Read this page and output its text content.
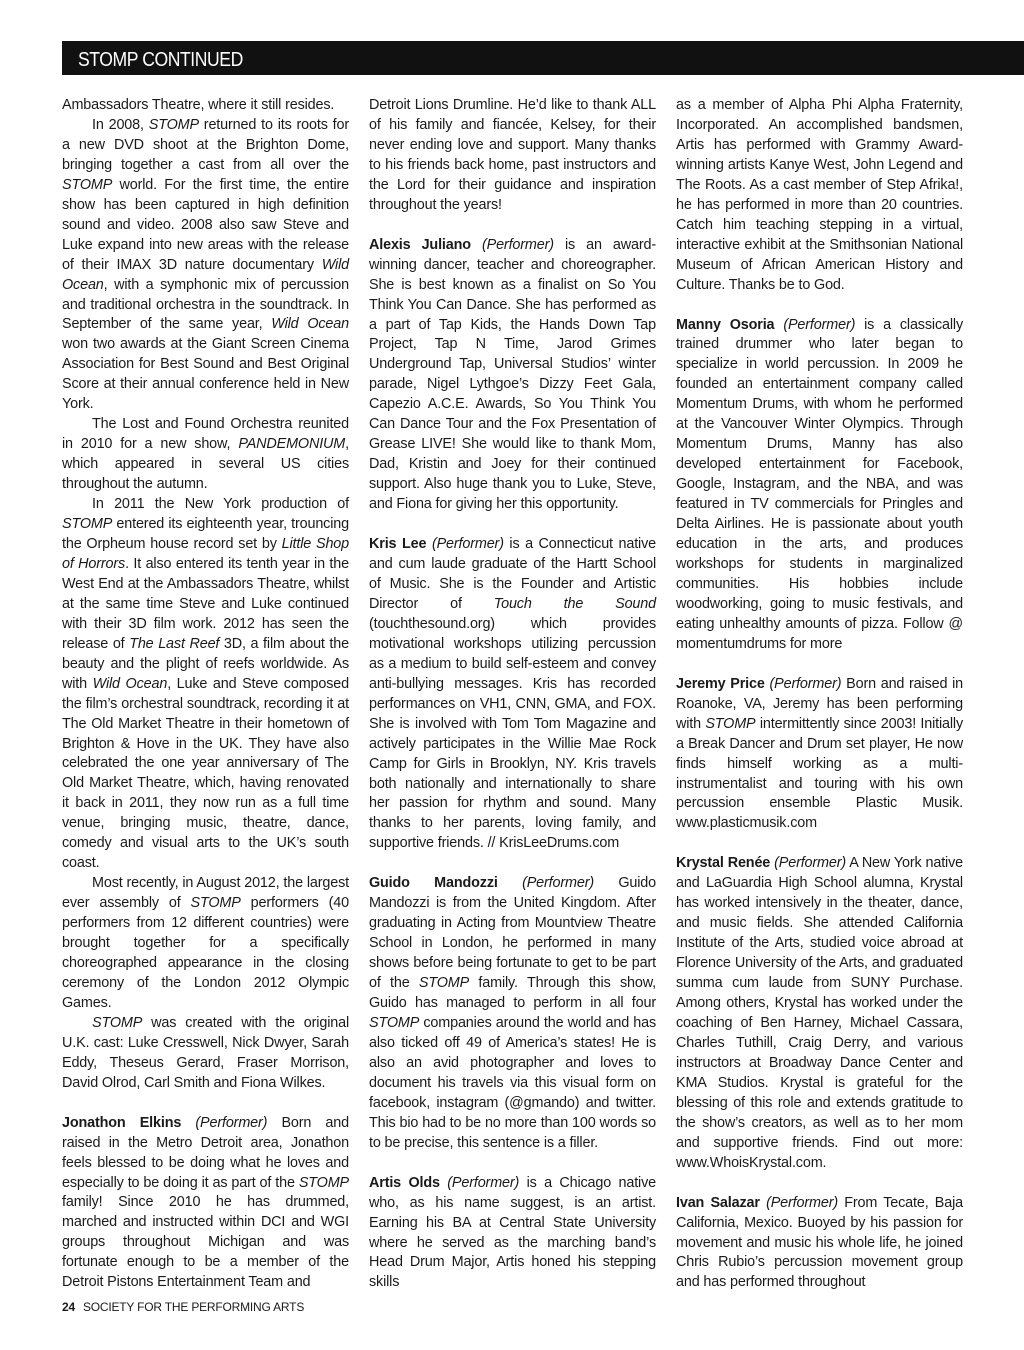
STOMP CONTINUED

Ambassadors Theatre, where it still resides.

In 2008, STOMP returned to its roots for a new DVD shoot at the Brighton Dome, bringing together a cast from all over the STOMP world. For the first time, the entire show has been captured in high definition sound and video. 2008 also saw Steve and Luke expand into new areas with the release of their IMAX 3D nature documentary Wild Ocean, with a symphonic mix of percussion and traditional orchestra in the soundtrack. In September of the same year, Wild Ocean won two awards at the Giant Screen Cinema Association for Best Sound and Best Original Score at their annual conference held in New York.

The Lost and Found Orchestra reunited in 2010 for a new show, PANDEMONIUM, which appeared in several US cities throughout the autumn.

In 2011 the New York production of STOMP entered its eighteenth year, trouncing the Orpheum house record set by Little Shop of Horrors. It also entered its tenth year in the West End at the Ambassadors Theatre, whilst at the same time Steve and Luke continued with their 3D film work. 2012 has seen the release of The Last Reef 3D, a film about the beauty and the plight of reefs worldwide. As with Wild Ocean, Luke and Steve composed the film’s orchestral soundtrack, recording it at The Old Market Theatre in their hometown of Brighton & Hove in the UK. They have also celebrated the one year anniversary of The Old Market Theatre, which, having renovated it back in 2011, they now run as a full time venue, bringing music, theatre, dance, comedy and visual arts to the UK’s south coast.

Most recently, in August 2012, the largest ever assembly of STOMP performers (40 performers from 12 different countries) were brought together for a specifically choreographed appearance in the closing ceremony of the London 2012 Olympic Games.

STOMP was created with the original U.K. cast: Luke Cresswell, Nick Dwyer, Sarah Eddy, Theseus Gerard, Fraser Morrison, David Olrod, Carl Smith and Fiona Wilkes.

Jonathon Elkins (Performer) Born and raised in the Metro Detroit area, Jonathon feels blessed to be doing what he loves and especially to be doing it as part of the STOMP family! Since 2010 he has drummed, marched and instructed within DCI and WGI groups throughout Michigan and was fortunate enough to be a member of the Detroit Pistons Entertainment Team and

Detroit Lions Drumline. He’d like to thank ALL of his family and fiancée, Kelsey, for their never ending love and support. Many thanks to his friends back home, past instructors and the Lord for their guidance and inspiration throughout the years!

Alexis Juliano (Performer) is an award-winning dancer, teacher and choreographer. She is best known as a finalist on So You Think You Can Dance. She has performed as a part of Tap Kids, the Hands Down Tap Project, Tap N Time, Jarod Grimes Underground Tap, Universal Studios’ winter parade, Nigel Lythgoe’s Dizzy Feet Gala, Capezio A.C.E. Awards, So You Think You Can Dance Tour and the Fox Presentation of Grease LIVE! She would like to thank Mom, Dad, Kristin and Joey for their continued support. Also huge thank you to Luke, Steve, and Fiona for giving her this opportunity.

Kris Lee (Performer) is a Connecticut native and cum laude graduate of the Hartt School of Music. She is the Founder and Artistic Director of Touch the Sound (touchthesound.org) which provides motivational workshops utilizing percussion as a medium to build self-esteem and convey anti-bullying messages. Kris has recorded performances on VH1, CNN, GMA, and FOX. She is involved with Tom Tom Magazine and actively participates in the Willie Mae Rock Camp for Girls in Brooklyn, NY. Kris travels both nationally and internationally to share her passion for rhythm and sound. Many thanks to her parents, loving family, and supportive friends. // KrisLeeDrums.com

Guido Mandozzi (Performer) Guido Mandozzi is from the United Kingdom. After graduating in Acting from Mountview Theatre School in London, he performed in many shows before being fortunate to get to be part of the STOMP family. Through this show, Guido has managed to perform in all four STOMP companies around the world and has also ticked off 49 of America’s states! He is also an avid photographer and loves to document his travels via this visual form on facebook, instagram (@gmando) and twitter. This bio had to be no more than 100 words so to be precise, this sentence is a filler.

Artis Olds (Performer) is a Chicago native who, as his name suggest, is an artist. Earning his BA at Central State University where he served as the marching band’s Head Drum Major, Artis honed his stepping skills

as a member of Alpha Phi Alpha Fraternity, Incorporated. An accomplished bandsmen, Artis has performed with Grammy Award-winning artists Kanye West, John Legend and The Roots. As a cast member of Step Afrika!, he has performed in more than 20 countries. Catch him teaching stepping in a virtual, interactive exhibit at the Smithsonian National Museum of African American History and Culture. Thanks be to God.

Manny Osoria (Performer) is a classically trained drummer who later began to specialize in world percussion. In 2009 he founded an entertainment company called Momentum Drums, with whom he performed at the Vancouver Winter Olympics. Through Momentum Drums, Manny has also developed entertainment for Facebook, Google, Instagram, and the NBA, and was featured in TV commercials for Pringles and Delta Airlines. He is passionate about youth education in the arts, and produces workshops for students in marginalized communities. His hobbies include woodworking, going to music festivals, and eating unhealthy amounts of pizza. Follow @ momentumdrums for more

Jeremy Price (Performer) Born and raised in Roanoke, VA, Jeremy has been performing with STOMP intermittently since 2003! Initially a Break Dancer and Drum set player, He now finds himself working as a multi-instrumentalist and touring with his own percussion ensemble Plastic Musik. www.plasticmusik.com

Krystal Renée (Performer) A New York native and LaGuardia High School alumna, Krystal has worked intensively in the theater, dance, and music fields. She attended California Institute of the Arts, studied voice abroad at Florence University of the Arts, and graduated summa cum laude from SUNY Purchase. Among others, Krystal has worked under the coaching of Ben Harney, Michael Cassara, Charles Tuthill, Craig Derry, and various instructors at Broadway Dance Center and KMA Studios. Krystal is grateful for the blessing of this role and extends gratitude to the show’s creators, as well as to her mom and supportive friends. Find out more: www.WhoisKrystal.com.

Ivan Salazar (Performer) From Tecate, Baja California, Mexico. Buoyed by his passion for movement and music his whole life, he joined Chris Rubio’s percussion movement group and has performed throughout

24 SOCIETY FOR THE PERFORMING ARTS
